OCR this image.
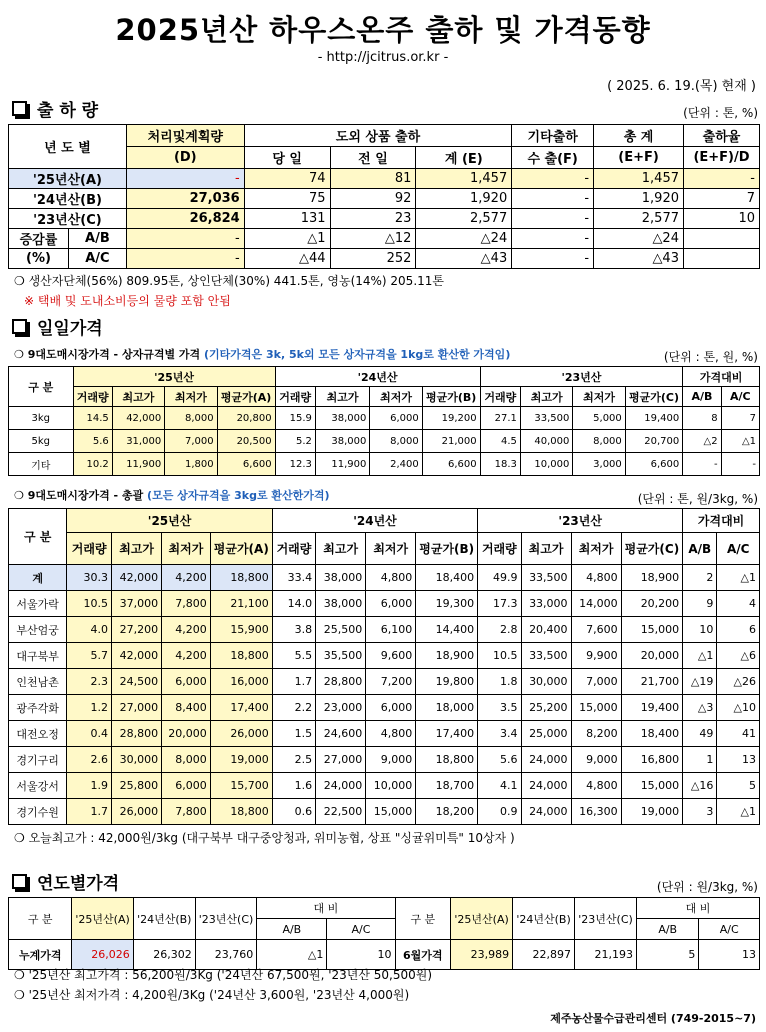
2025년산 하우스온주 출하 및 가격동향
- http://jcitrus.or.kr -
( 2025. 6. 19.(목) 현재 )
출 하 량	(단위 : 톤, %)
년 도 별		처리및계획량	도외 상품 출하			기타출하	총 계	출하율
		(D)	당 일	전 일	계 (E)	수 출(F)	(E+F)	(E+F)/D
'25년산(A)		-	74	81	1,457	-	1,457	-
'24년산(B)		27,036	75	92	1,920	-	1,920	7
'23년산(C)		26,824	131	23	2,577	-	2,577	10
증감률	A/B	-	△1	△12	△24	-	△24	
(%)	A/C	-	△44	252	△43	-	△43	
❍ 생산자단체(56%) 809.95톤, 상인단체(30%) 441.5톤, 영농(14%) 205.11톤
※ 택배 및 도내소비등의 물량 포함 안됨
일일가격
❍ 9대도매시장가격 - 상자규격별 가격 (기타가격은 3k, 5k외 모든 상자규격을 1kg로 환산한 가격임)	(단위 : 톤, 원, %)
구 분	'25년산				'24년산				'23년산				가격대비	
	거래량	최고가	최저가	평균가(A)	거래량	최고가	최저가	평균가(B)	거래량	최고가	최저가	평균가(C)	A/B	A/C
3kg	14.5	42,000	8,000	20,800	15.9	38,000	6,000	19,200	27.1	33,500	5,000	19,400	8	7
5kg	5.6	31,000	7,000	20,500	5.2	38,000	8,000	21,000	4.5	40,000	8,000	20,700	△2	△1
기타	10.2	11,900	1,800	6,600	12.3	11,900	2,400	6,600	18.3	10,000	3,000	6,600	-	-
❍ 9대도매시장가격 - 총괄 (모든 상자규격을 3kg로 환산한가격)	(단위 : 톤, 원/3kg, %)
구 분	'25년산				'24년산				'23년산				가격대비	
	거래량	최고가	최저가	평균가(A)	거래량	최고가	최저가	평균가(B)	거래량	최고가	최저가	평균가(C)	A/B	A/C
계	30.3	42,000	4,200	18,800	33.4	38,000	4,800	18,400	49.9	33,500	4,800	18,900	2	△1
서울가락	10.5	37,000	7,800	21,100	14.0	38,000	6,000	19,300	17.3	33,000	14,000	20,200	9	4
부산엄궁	4.0	27,200	4,200	15,900	3.8	25,500	6,100	14,400	2.8	20,400	7,600	15,000	10	6
대구북부	5.7	42,000	4,200	18,800	5.5	35,500	9,600	18,900	10.5	33,500	9,900	20,000	△1	△6
인천남촌	2.3	24,500	6,000	16,000	1.7	28,800	7,200	19,800	1.8	30,000	7,000	21,700	△19	△26
광주각화	1.2	27,000	8,400	17,400	2.2	23,000	6,000	18,000	3.5	25,200	15,000	19,400	△3	△10
대전오정	0.4	28,800	20,000	26,000	1.5	24,600	4,800	17,400	3.4	25,000	8,200	18,400	49	41
경기구리	2.6	30,000	8,000	19,000	2.5	27,000	9,000	18,800	5.6	24,000	9,000	16,800	1	13
서울강서	1.9	25,800	6,000	15,700	1.6	24,000	10,000	18,700	4.1	24,000	4,800	15,000	△16	5
경기수원	1.7	26,000	7,800	18,800	0.6	22,500	15,000	18,200	0.9	24,000	16,300	19,000	3	△1
❍ 오늘최고가 : 42,000원/3kg (대구북부 대구중앙청과, 위미농협, 상표 "싱귤위미특" 10상자 )
연도별가격	(단위 : 원/3kg, %)
구 분	'25년산(A)	'24년산(B)	'23년산(C)	대 비		구 분	'25년산(A)	'24년산(B)	'23년산(C)	대 비	
				A/B	A/C					A/B	A/C
누계가격	26,026	26,302	23,760	△1	10	6월가격	23,989	22,897	21,193	5	13
❍ '25년산 최고가격 : 56,200원/3Kg ('24년산 67,500원, '23년산 50,500원)
❍ '25년산 최저가격 : 4,200원/3Kg ('24년산 3,600원, '23년산 4,000원)
제주농산물수급관리센터 (749-2015~7)
